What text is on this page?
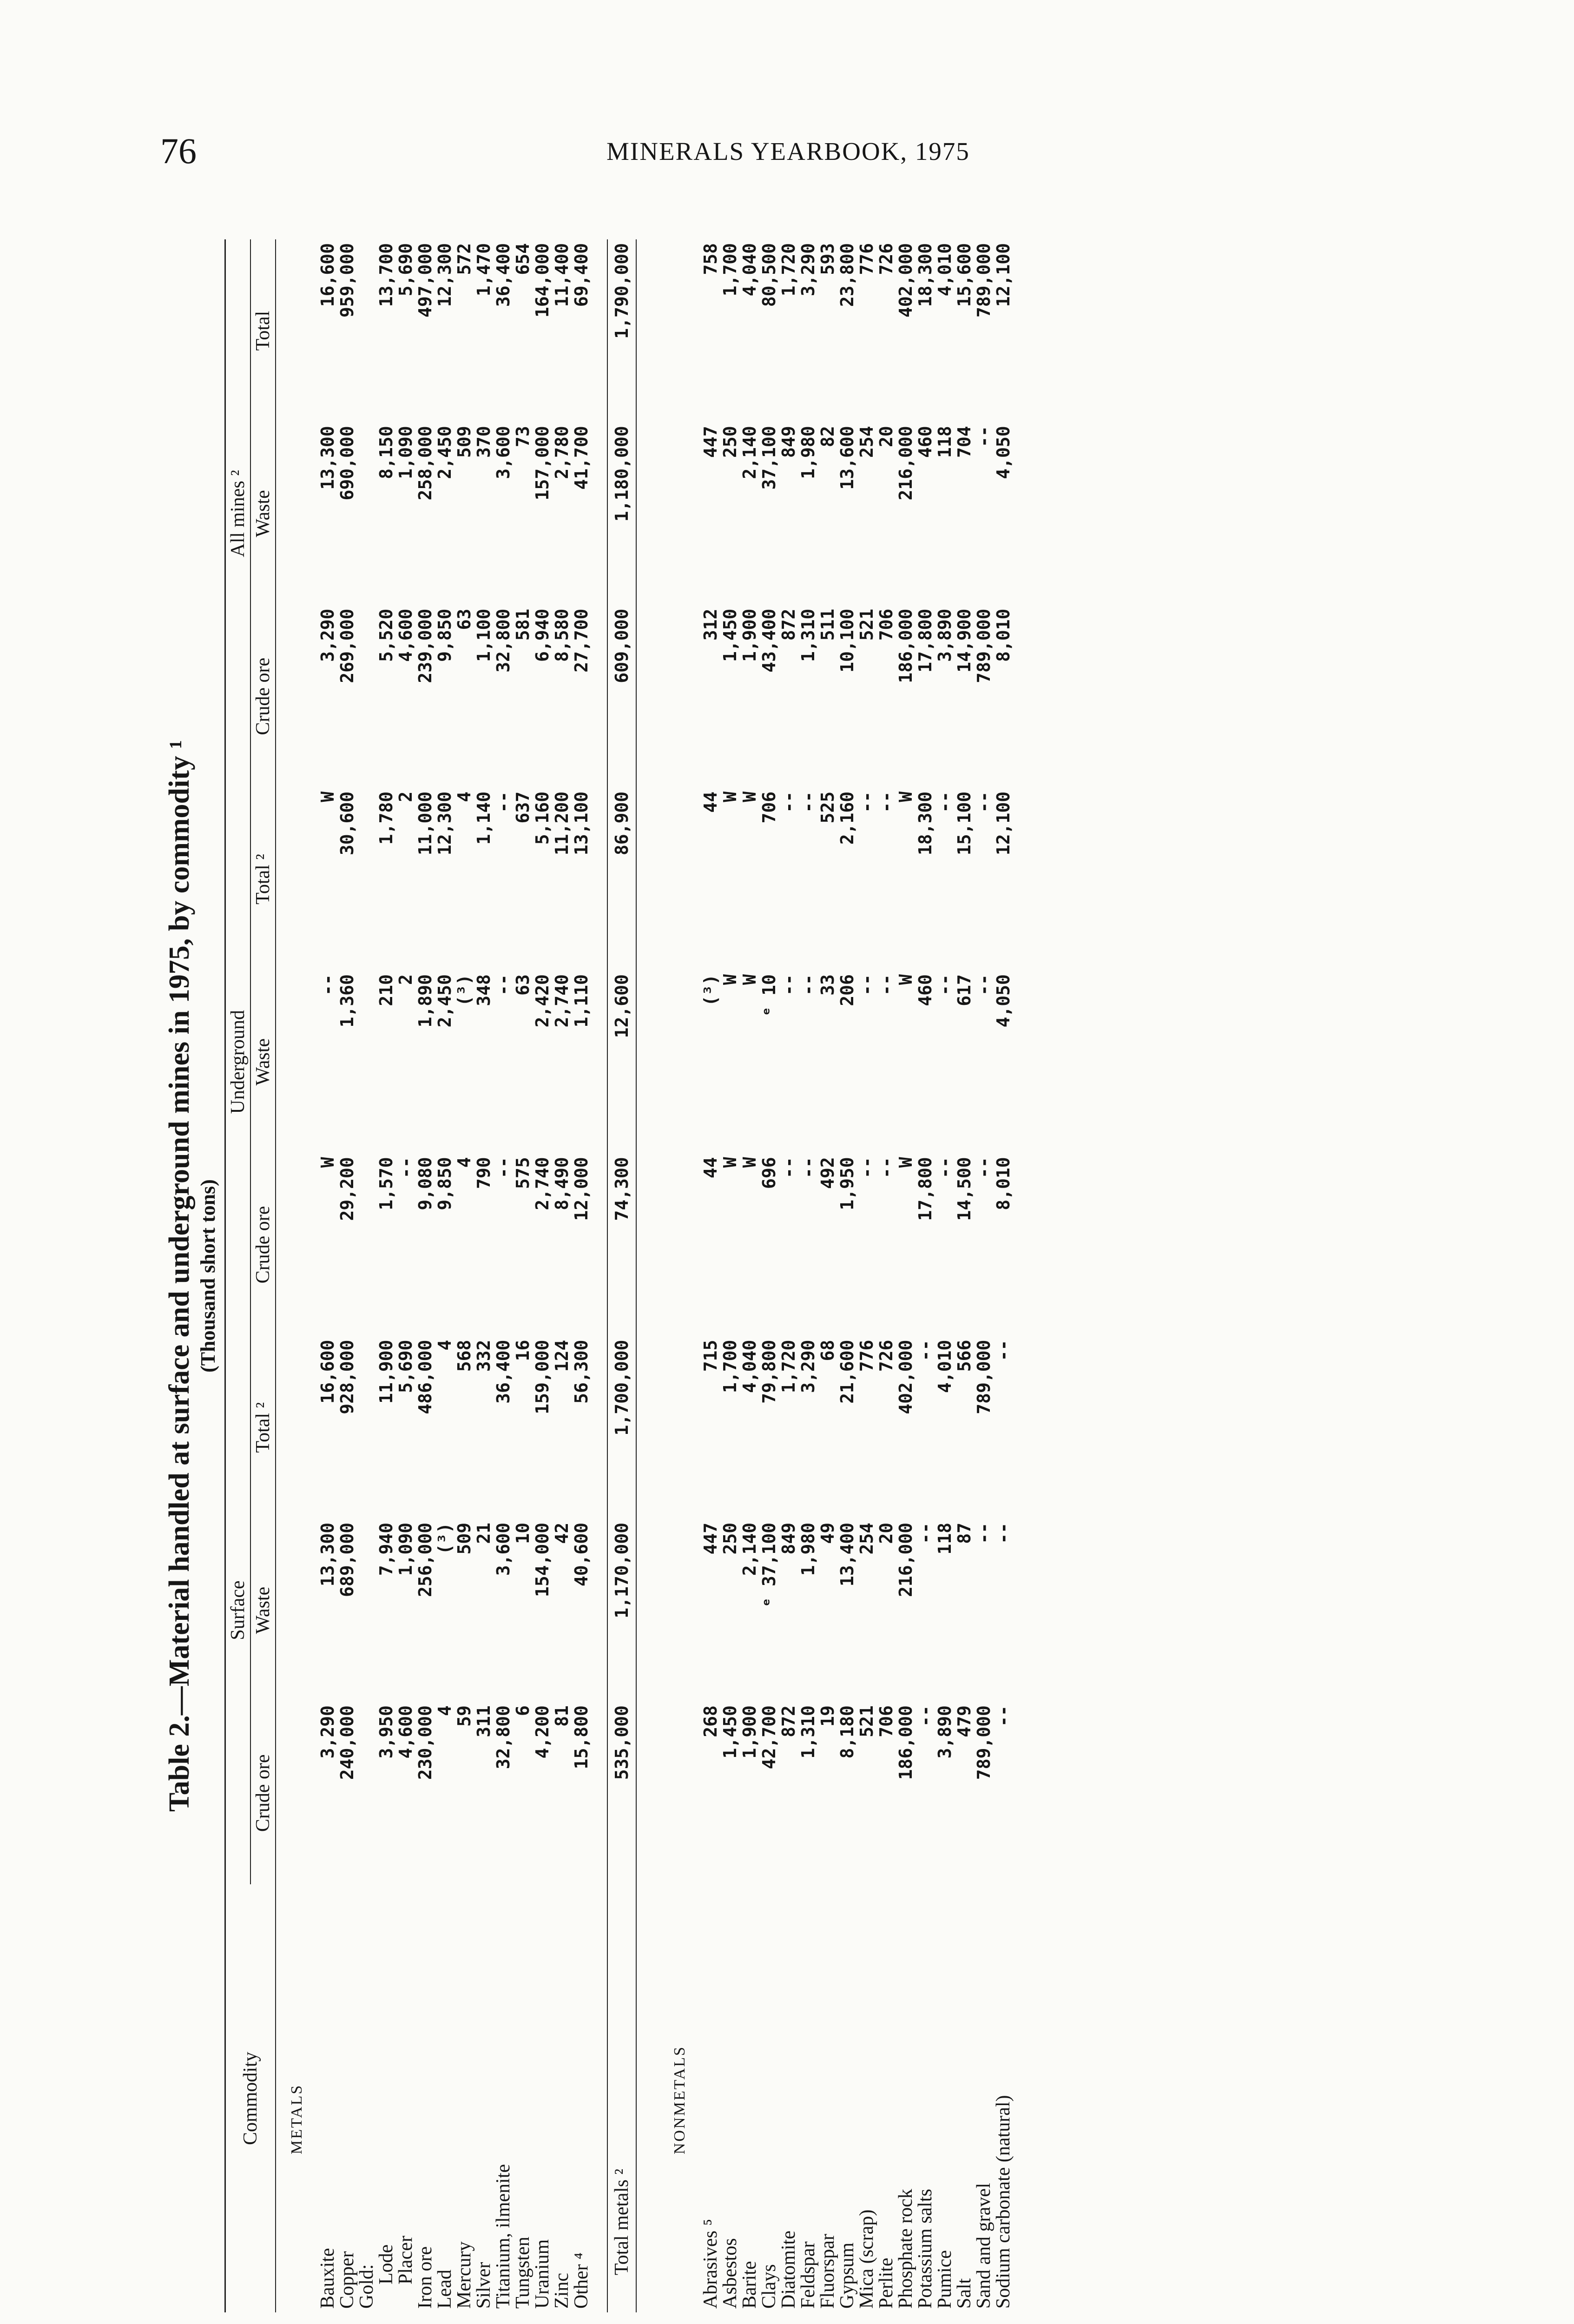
76	MINERALS YEARBOOK, 1975
Table 2.—Material handled at surface and underground mines in 1975, by commodity ¹ (Thousand short tons)
Commodity	Surface			Underground			All mines ²		
	Crude ore	Waste	Total ²	Crude ore	Waste	Total ²	Crude ore	Waste	Total
METALS									
Bauxite	3,290	13,300	16,600	W	--	W	3,290	13,300	16,600
Copper	240,000	689,000	928,000	29,200	1,360	30,600	269,000	690,000	959,000
Gold:									
Lode	3,950	7,940	11,900	1,570	210	1,780	5,520	8,150	13,700
Placer	4,600	1,090	5,690	--	2	2	4,600	1,090	5,690
Iron ore	230,000	256,000	486,000	9,080	1,890	11,000	239,000	258,000	497,000
Lead	4	(³)	4	9,850	2,450	12,300	9,850	2,450	12,300
Mercury	59	509	568	4	(³)	4	63	509	572
Silver	311	21	332	790	348	1,140	1,100	370	1,470
Titanium, ilmenite	32,800	3,600	36,400	--	--	--	32,800	3,600	36,400
Tungsten	6	10	16	575	63	637	581	73	654
Uranium	4,200	154,000	159,000	2,740	2,420	5,160	6,940	157,000	164,000
Zinc	81	42	124	8,490	2,740	11,200	8,580	2,780	11,400
Other ⁴	15,800	40,600	56,300	12,000	1,110	13,100	27,700	41,700	69,400

Total metals ²	535,000	1,170,000	1,700,000	74,300	12,600	86,900	609,000	1,180,000	1,790,000

NONMETALS									
Abrasives ⁵	268	447	715	44	(³)	44	312	447	758
Asbestos	1,450	250	1,700	W	W	W	1,450	250	1,700
Barite	1,900	2,140	4,040	W	W	W	1,900	2,140	4,040
Clays	42,700	ᵉ 37,100	79,800	696	ᵉ 10	706	43,400	37,100	80,500
Diatomite	872	849	1,720	--	--	--	872	849	1,720
Feldspar	1,310	1,980	3,290	--	--	--	1,310	1,980	3,290
Fluorspar	19	49	68	492	33	525	511	82	593
Gypsum	8,180	13,400	21,600	1,950	206	2,160	10,100	13,600	23,800
Mica (scrap)	521	254	776	--	--	--	521	254	776
Perlite	706	20	726	--	--	--	706	20	726
Phosphate rock	186,000	216,000	402,000	W	W	W	186,000	216,000	402,000
Potassium salts	--	--	--	17,800	460	18,300	17,800	460	18,300
Pumice	3,890	118	4,010	--	--	--	3,890	118	4,010
Salt	479	87	566	14,500	617	15,100	14,900	704	15,600
Sand and gravel	789,000	--	789,000	--	--	--	789,000	--	789,000
Sodium carbonate (natural)	--	--	--	8,010	4,050	12,100	8,010	4,050	12,100
